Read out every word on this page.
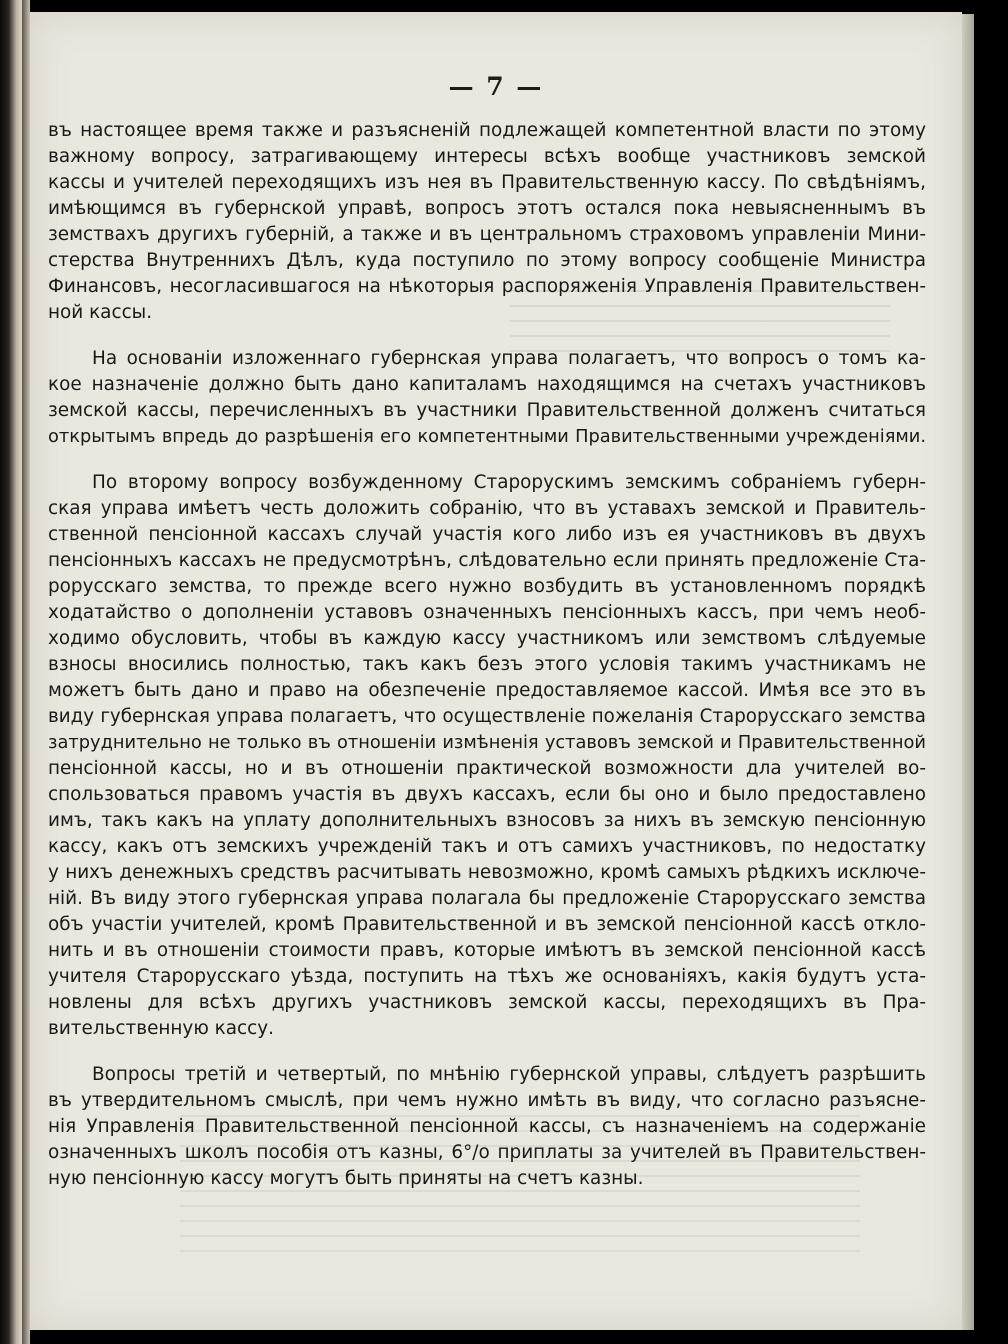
— 7 —
въ настоящее время также и разъясненій подлежащей компетентной власти по этому
важному вопросу, затрагивающему интересы всѣхъ вообще участниковъ земской
кассы и учителей переходящихъ изъ нея въ Правительственную кассу. По свѣдѣніямъ,
имѣющимся въ губернской управѣ, вопросъ этотъ остался пока невыясненнымъ въ
земствахъ другихъ губерній, а также и въ центральномъ страховомъ управленіи Мини-
стерства Внутреннихъ Дѣлъ, куда поступило по этому вопросу сообщеніе Министра
Финансовъ, несогласившагося на нѣкоторыя распоряженія Управленія Правительствен-
ной кассы.
На основаніи изложеннаго губернская управа полагаетъ, что вопросъ о томъ ка-
кое назначеніе должно быть дано капиталамъ находящимся на счетахъ участниковъ
земской кассы, перечисленныхъ въ участники Правительственной долженъ считаться
открытымъ впредь до разрѣшенія его компетентными Правительственными учрежденіями.
По второму вопросу возбужденному Старорускимъ земскимъ собраніемъ губерн-
ская управа имѣетъ честь доложить собранію, что въ уставахъ земской и Правитель-
ственной пенсіонной кассахъ случай участія кого либо изъ ея участниковъ въ двухъ
пенсіонныхъ кассахъ не предусмотрѣнъ, слѣдовательно если принять предложеніе Ста-
рорусскаго земства, то прежде всего нужно возбудить въ установленномъ порядкѣ
ходатайство о дополненіи уставовъ означенныхъ пенсіонныхъ кассъ, при чемъ необ-
ходимо обусловить, чтобы въ каждую кассу участникомъ или земствомъ слѣдуемые
взносы вносились полностью, такъ какъ безъ этого условія такимъ участникамъ не
можетъ быть дано и право на обезпеченіе предоставляемое кассой. Имѣя все это въ
виду губернская управа полагаетъ, что осуществленіе пожеланія Старорусскаго земства
затруднительно не только въ отношеніи измѣненія уставовъ земской и Правительственной
пенсіонной кассы, но и въ отношеніи практической возможности дла учителей во-
спользоваться правомъ участія въ двухъ кассахъ, если бы оно и было предоставлено
имъ, такъ какъ на уплату дополнительныхъ взносовъ за нихъ въ земскую пенсіонную
кассу, какъ отъ земскихъ учрежденій такъ и отъ самихъ участниковъ, по недостатку
у нихъ денежныхъ средствъ расчитывать невозможно, кромѣ самыхъ рѣдкихъ исключе-
ній. Въ виду этого губернская управа полагала бы предложеніе Старорусскаго земства
объ участіи учителей, кромѣ Правительственной и въ земской пенсіонной кассѣ откло-
нить и въ отношеніи стоимости правъ, которые имѣютъ въ земской пенсіонной кассѣ
учителя Старорусскаго уѣзда, поступить на тѣхъ же основаніяхъ, какія будутъ уста-
новлены для всѣхъ другихъ участниковъ земской кассы, переходящихъ въ Пра-
вительственную кассу.
Вопросы третій и четвертый, по мнѣнію губернской управы, слѣдуетъ разрѣшить
въ утвердительномъ смыслѣ, при чемъ нужно имѣть въ виду, что согласно разъясне-
нія Управленія Правительственной пенсіонной кассы, съ назначеніемъ на содержаніе
означенныхъ школъ пособія отъ казны, 6°/о приплаты за учителей въ Правительствен-
ную пенсіонную кассу могутъ быть приняты на счетъ казны.
